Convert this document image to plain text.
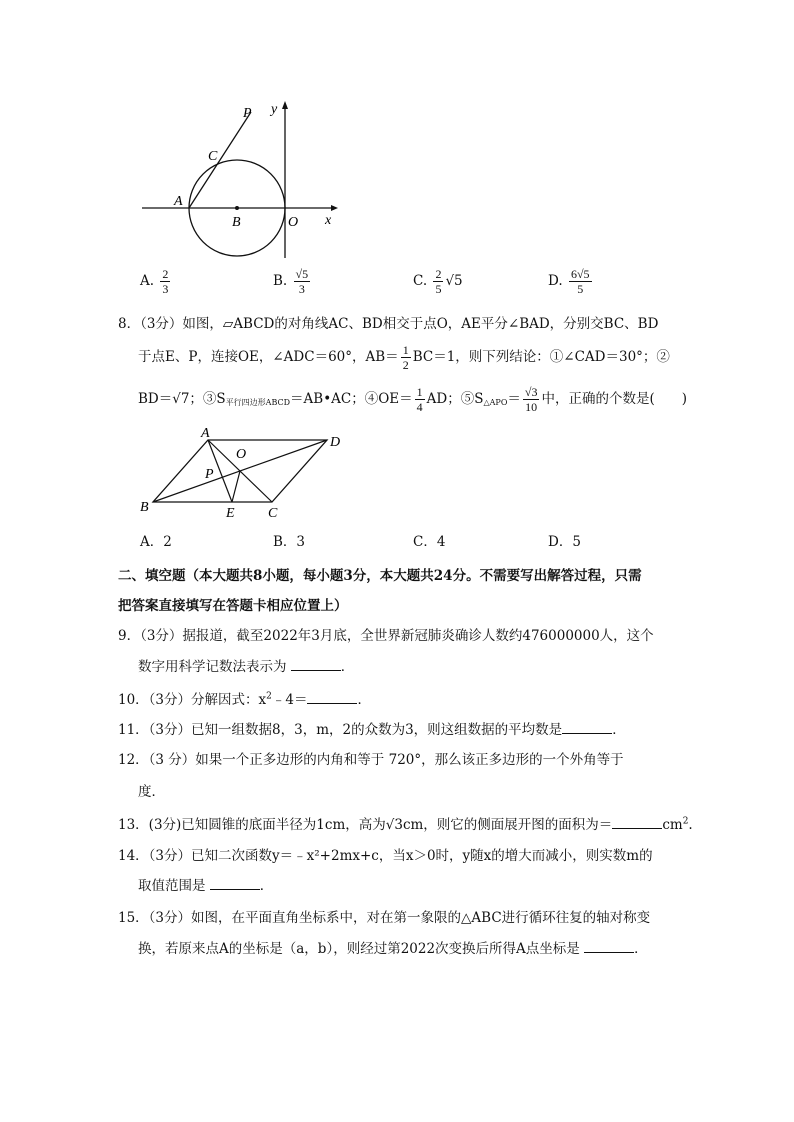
P y
C
A
B	O x
A. $\frac{2}{3}$	B. $\frac{√5}{3}$	C. $\frac{2}{5} √5$	D. $\frac{6√5}{5}$
8．（3分）如图，▱ABCD的对角线AC、BD相交于点O，AE平分∠BAD，分别交BC、BD
于点E、P，连接OE，∠ADC＝60°，$AB= \frac{1}{2} BC=1$，则下列结论：①∠CAD＝30°；②
BD＝√7；$③S_{平行四边形ABCD}=AB•AC$；④OE＝ $\frac{1}{4}$ AD；$⑤S_{\triangle APO}= \frac{√3}{10}$ 中，正确的个数是(　　)
A
D
O
P
B	E C
A．2	B．3	C．4	D．5
二、填空题（本大题共8小题，每小题3分，本大题共24分。不需要写出解答过程，只需
把答案直接填写在答题卡相应位置上）
9．（3分）据报道，截至2022年3月底，全世界新冠肺炎确诊人数约476000000人，这个
数字用科学记数法表示为	．
10．（3分）分解因式：$x^2﹣4=$	．
11．（3分）已知一组数据8，3，m，2的众数为3，则这组数据的平均数是	．
12．（3 分）如果一个正多边形的内角和等于 720°，那么该正多边形的一个外角等于
度．
13．(3分)已知圆锥的底面半径为1cm，高为√3cm，则它的侧面展开图的面积为＝	$cm^2$.
14．（3分）已知二次函数y＝﹣x²+2mx+c，当x＞0时，y随x的增大而减小，则实数m的
取值范围是	．
15．（3分）如图，在平面直角坐标系中，对在第一象限的△ABC进行循环往复的轴对称变
换，若原来点A的坐标是（a，b），则经过第2022次变换后所得A点坐标是	．
